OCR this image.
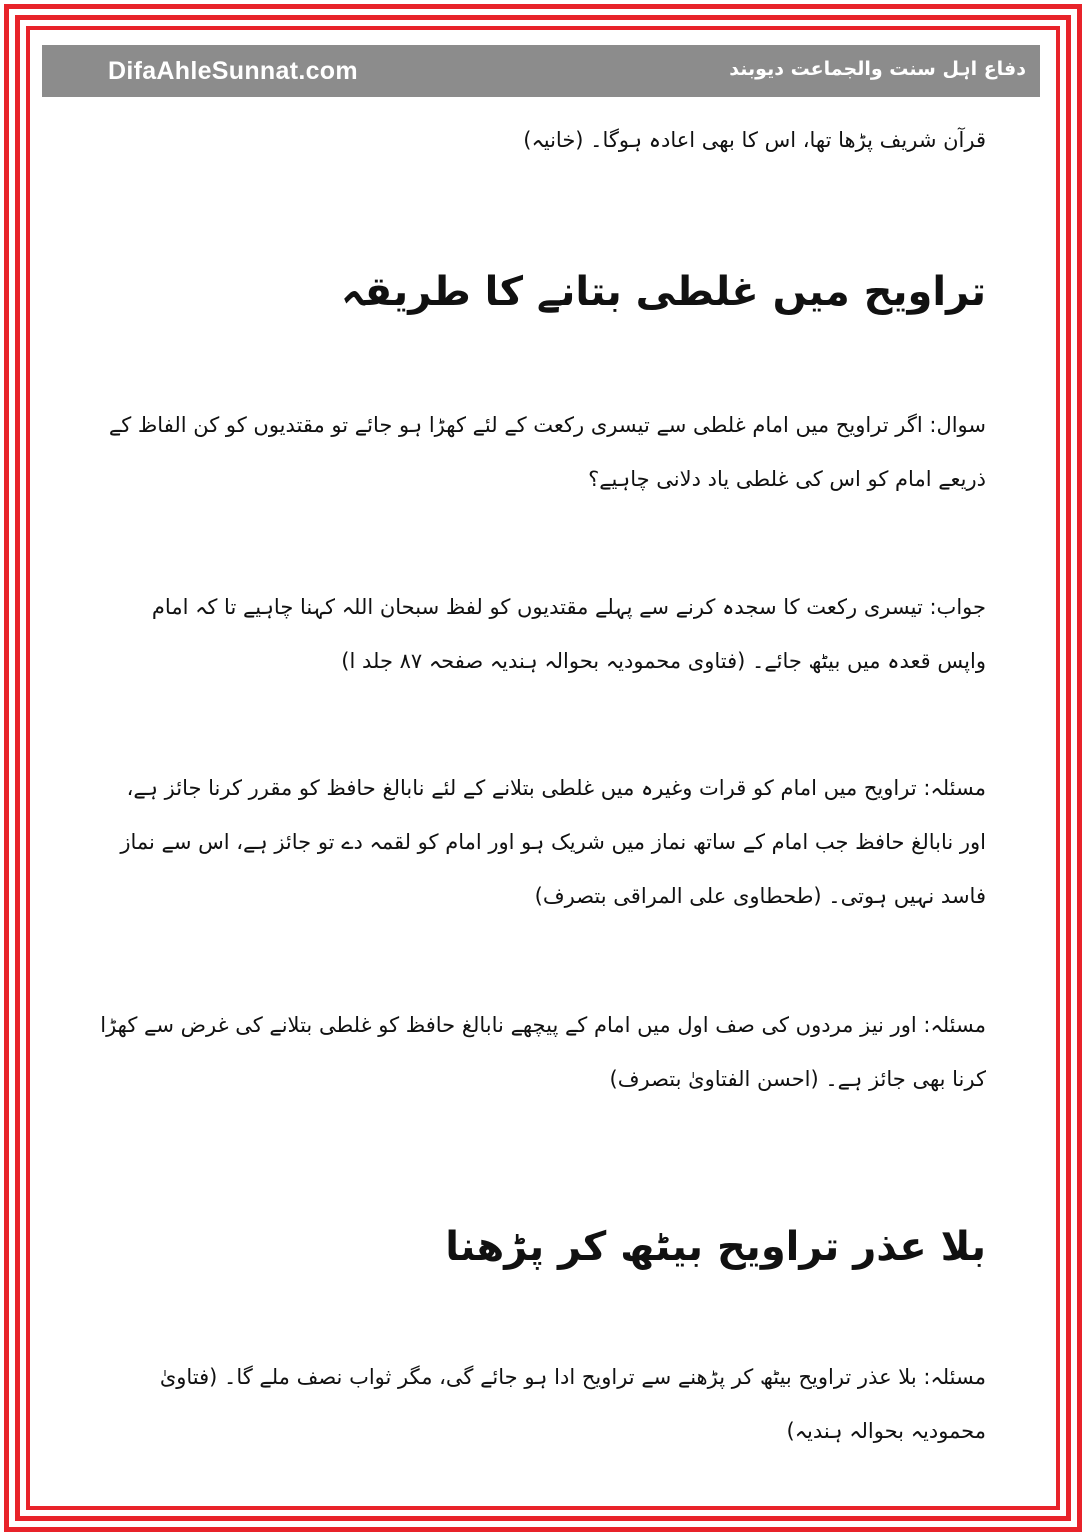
DifaAhleSunnat.com	دفاع اہل سنت والجماعت دیوبند
قرآن شریف پڑھا تھا، اس کا بھی اعادہ ہوگا۔ (خانیہ)
تراویح میں غلطی بتانے کا طریقہ
سوال: اگر تراویح میں امام غلطی سے تیسری رکعت کے لئے کھڑا ہو جائے تو مقتدیوں کو کن الفاظ کے ذریعے امام کو اس کی غلطی یاد دلانی چاہیے؟
جواب: تیسری رکعت کا سجدہ کرنے سے پہلے مقتدیوں کو لفظ سبحان اللہ کہنا چاہیے تا کہ امام واپس قعدہ میں بیٹھ جائے۔ (فتاوی محمودیہ بحوالہ ہندیہ صفحہ ۸۷ جلد ا)
مسئلہ: تراویح میں امام کو قرات وغیرہ میں غلطی بتلانے کے لئے نابالغ حافظ کو مقرر کرنا جائز ہے، اور نابالغ حافظ جب امام کے ساتھ نماز میں شریک ہو اور امام کو لقمہ دے تو جائز ہے، اس سے نماز فاسد نہیں ہوتی۔ (طحطاوی علی المراقی بتصرف)
مسئلہ: اور نیز مردوں کی صف اول میں امام کے پیچھے نابالغ حافظ کو غلطی بتلانے کی غرض سے کھڑا کرنا بھی جائز ہے۔ (احسن الفتاویٰ بتصرف)
بلا عذر تراویح بیٹھ کر پڑھنا
مسئلہ: بلا عذر تراویح بیٹھ کر پڑھنے سے تراویح ادا ہو جائے گی، مگر ثواب نصف ملے گا۔ (فتاویٰ محمودیہ بحوالہ ہندیہ)
